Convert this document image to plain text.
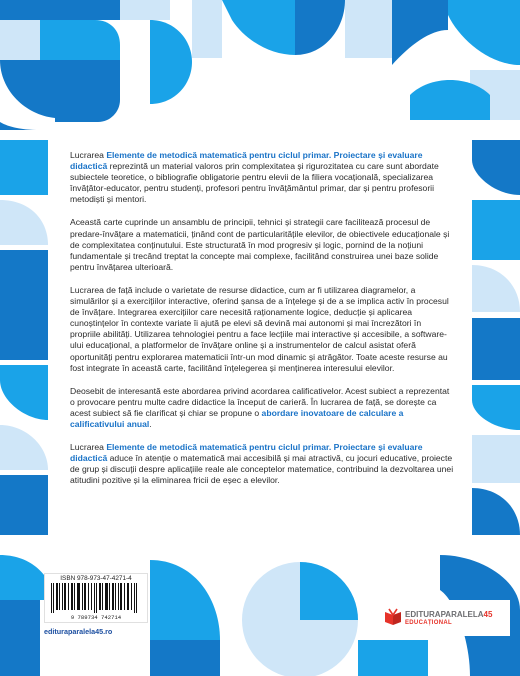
Lucrarea Elemente de metodică matematică pentru ciclul primar. Proiectare și evaluare didactică reprezintă un material valoros prin complexitatea și rigurozitatea cu care sunt abordate subiectele teoretice, o bibliografie obligatorie pentru elevii de la filiera vocațională, specializarea învățător-educator, pentru studenți, profesori pentru învățământul primar, dar și pentru profesorii metodiști și mentori.

Această carte cuprinde un ansamblu de principii, tehnici și strategii care facilitează procesul de predare-învățare a matematicii, ținând cont de particularitățile elevilor, de obiectivele educaționale și de complexitatea conținutului. Este structurată în mod progresiv și logic, pornind de la noțiuni fundamentale și trecând treptat la concepte mai complexe, facilitând construirea unei baze solide pentru învățarea ulterioară.

Lucrarea de față include o varietate de resurse didactice, cum ar fi utilizarea diagramelor, a simulărilor și a exercițiilor interactive, oferind șansa de a înțelege și de a se implica activ în procesul de învățare. Integrarea exercițiilor care necesită raționamente logice, deducție și aplicarea cunoștințelor în contexte variate îi ajută pe elevi să devină mai autonomi și mai încrezători în propriile abilități. Utilizarea tehnologiei pentru a face lecțiile mai interactive și accesibile, a software-ului educațional, a platformelor de învățare online și a instrumentelor de calcul asistat oferă oportunități pentru explorarea matematicii într-un mod dinamic și atrăgător. Toate aceste resurse au fost integrate în această carte, facilitând înțelegerea și menținerea interesului elevilor.

Deosebit de interesantă este abordarea privind acordarea calificativelor. Acest subiect a reprezentat o provocare pentru multe cadre didactice la început de carieră. În lucrarea de față, se dorește ca acest subiect să fie clarificat și chiar se propune o abordare inovatoare de calculare a calificativului anual.

Lucrarea Elemente de metodică matematică pentru ciclul primar. Proiectare și evaluare didactică aduce în atenție o matematică mai accesibilă și mai atractivă, cu jocuri educative, proiecte de grup și discuții despre aplicațiile reale ale conceptelor matematice, contribuind la dezvoltarea unei atitudini pozitive și la eliminarea fricii de eșec a elevilor.

ISBN 978-973-47-4271-4
9 789734 742714
editurаparalela45.ro
EDITURAPARALELA45
EDUCAȚIONAL
